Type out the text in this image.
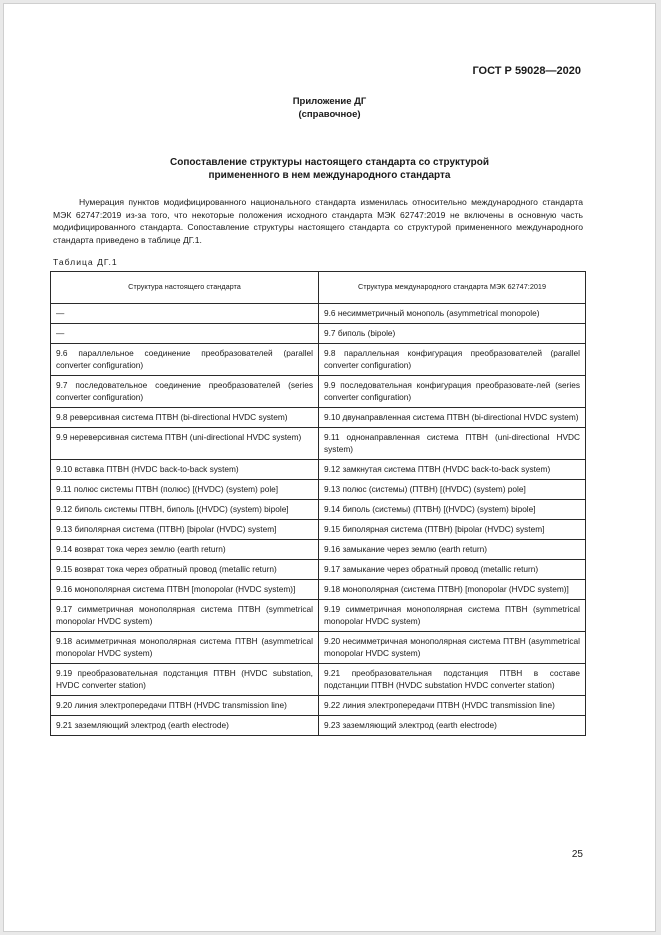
ГОСТ Р 59028—2020
Приложение ДГ
(справочное)
Сопоставление структуры настоящего стандарта со структурой
примененного в нем международного стандарта
Нумерация пунктов модифицированного национального стандарта изменилась относительно международного стандарта МЭК 62747:2019 из-за того, что некоторые положения исходного стандарта МЭК 62747:2019 не включены в основную часть модифицированного стандарта. Сопоставление структуры настоящего стандарта со структурой примененного международного стандарта приведено в таблице ДГ.1.
Таблица ДГ.1
Структура настоящего стандарта	Структура международного стандарта МЭК 62747:2019
—	9.6 несимметричный монополь (asymmetrical monopole)
—	9.7 биполь (bipole)
9.6 параллельное соединение преобразователей (parallel converter configuration)	9.8 параллельная конфигурация преобразователей (parallel converter configuration)
9.7 последовательное соединение преобразователей (series converter configuration)	9.9 последовательная конфигурация преобразовате-лей (series converter configuration)
9.8 реверсивная система ПТВН (bi-directional HVDC system)	9.10 двунаправленная система ПТВН (bi-directional HVDC system)
9.9 нереверсивная система ПТВН (uni-directional HVDC system)	9.11 однонаправленная система ПТВН (uni-directional HVDC system)
9.10 вставка ПТВН (HVDC back-to-back system)	9.12 замкнутая система ПТВН (HVDC back-to-back system)
9.11 полюс системы ПТВН (полюс) [(HVDC) (system) pole]	9.13 полюс (системы) (ПТВН) [(HVDC) (system) pole]
9.12 биполь системы ПТВН, биполь [(HVDC) (system) bipole]	9.14 биполь (системы) (ПТВН) [(HVDC) (system) bipole]
9.13 биполярная система (ПТВН) [bipolar (HVDC) system]	9.15 биполярная система (ПТВН) [bipolar (HVDC) system]
9.14 возврат тока через землю (earth return)	9.16 замыкание через землю (earth return)
9.15 возврат тока через обратный провод (metallic return)	9.17 замыкание через обратный провод (metallic return)
9.16 монополярная система ПТВН [monopolar (HVDC system)]	9.18 монополярная (система ПТВН) [monopolar (HVDC system)]
9.17 симметричная монополярная система ПТВН (symmetrical monopolar HVDC system)	9.19 симметричная монополярная система ПТВН (symmetrical monopolar HVDC system)
9.18 асимметричная монополярная система ПТВН (asymmetrical monopolar HVDC system)	9.20 несимметричная монополярная система ПТВН (asymmetrical monopolar HVDC system)
9.19 преобразовательная подстанция ПТВН (HVDC substation, HVDC converter station)	9.21 преобразовательная подстанция ПТВН в составе подстанции ПТВН (HVDC substation HVDC converter station)
9.20 линия электропередачи ПТВН (HVDC transmission line)	9.22 линия электропередачи ПТВН (HVDC transmission line)
9.21 заземляющий электрод (earth electrode)	9.23 заземляющий электрод (earth electrode)
25
